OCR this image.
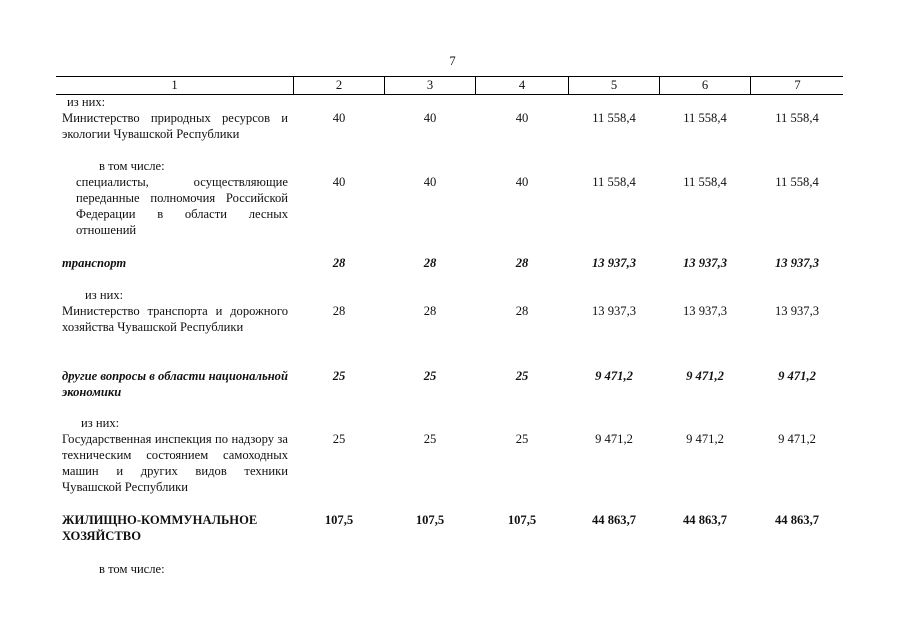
7
1	2	3	4	5	6	7
из них:
Министерство природных ресурсов и экологии Чувашской Республики
40	40	40	11 558,4	11 558,4	11 558,4
в том числе:
специалисты, осуществляющие переданные полномочия Российской Федерации в области лесных отношений
40	40	40	11 558,4	11 558,4	11 558,4
транспорт	28	28	28	13 937,3	13 937,3	13 937,3
из них:
Министерство транспорта и дорожного хозяйства Чувашской Республики
28	28	28	13 937,3	13 937,3	13 937,3
другие вопросы в области национальной экономики
25	25	25	9 471,2	9 471,2	9 471,2
из них:
Государственная инспекция по надзору за техническим состоянием самоходных машин и других видов техники Чувашской Республики
25	25	25	9 471,2	9 471,2	9 471,2
ЖИЛИЩНО-КОММУНАЛЬНОЕ ХОЗЯЙСТВО
107,5	107,5	107,5	44 863,7	44 863,7	44 863,7
в том числе:
